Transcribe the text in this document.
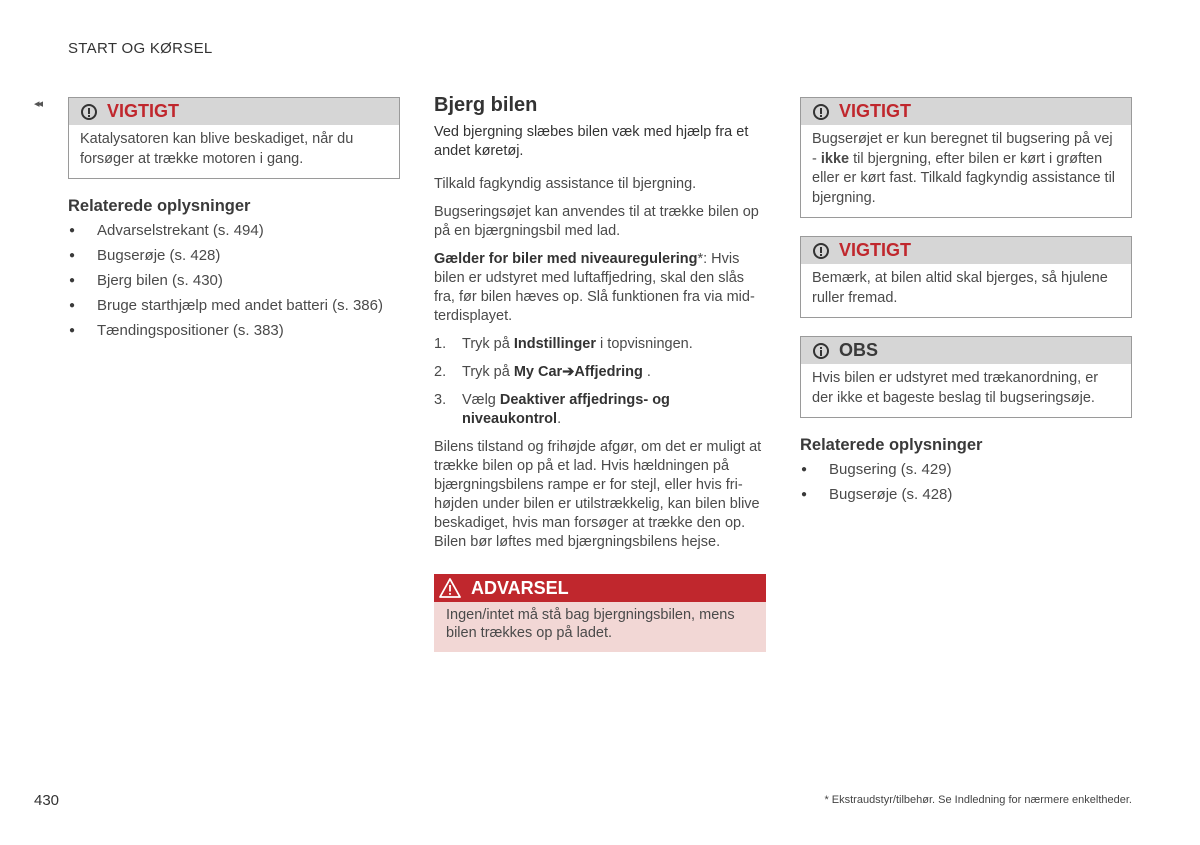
START OG KØRSEL
◂◂	VIGTIGT
Katalysatoren kan blive beskadiget, når du forsøger at trække motoren i gang.
Relaterede oplysninger
● Advarselstrekant (s. 494)
● Bugserøje (s. 428)
● Bjerg bilen (s. 430)
● Bruge starthjælp med andet batteri (s. 386)
● Tændingspositioner (s. 383)
Bjerg bilen

Ved bjergning slæbes bilen væk med hjælp fra et andet køretøj.

Tilkald fagkyndig assistance til bjergning.

Bugseringsøjet kan anvendes til at trække bilen op på en bjærgningsbil med lad.

Gælder for biler med niveauregulering*: Hvis bilen er udstyret med luftaffjedring, skal den slås fra, før bilen hæves op. Slå funktionen fra via midterdisplayet.

1.	Tryk på Indstillinger i topvisningen.
2.	Tryk på My Car➔Affjedring .
3.	Vælg Deaktiver affjedrings- og niveaukontrol.

Bilens tilstand og frihøjde afgør, om det er muligt at trække bilen op på et lad. Hvis hældningen på bjærgningsbilens rampe er for stejl, eller hvis frihøjden under bilen er utilstrækkelig, kan bilen blive beskadiget, hvis man forsøger at trække den op. Bilen bør løftes med bjærgningsbilens hejse.

ADVARSEL
Ingen/intet må stå bag bjergningsbilen, mens bilen trækkes op på ladet.
VIGTIGT
Bugserøjet er kun beregnet til bugsering på vej - ikke til bjergning, efter bilen er kørt i grøften eller er kørt fast. Tilkald fagkyndig assistance til bjergning.
VIGTIGT
Bemærk, at bilen altid skal bjerges, så hjulene ruller fremad.
OBS
Hvis bilen er udstyret med trækanordning, er der ikke et bageste beslag til bugseringsøje.
Relaterede oplysninger
● Bugsering (s. 429)
● Bugserøje (s. 428)
430	* Ekstraudstyr/tilbehør. Se Indledning for nærmere enkeltheder.
